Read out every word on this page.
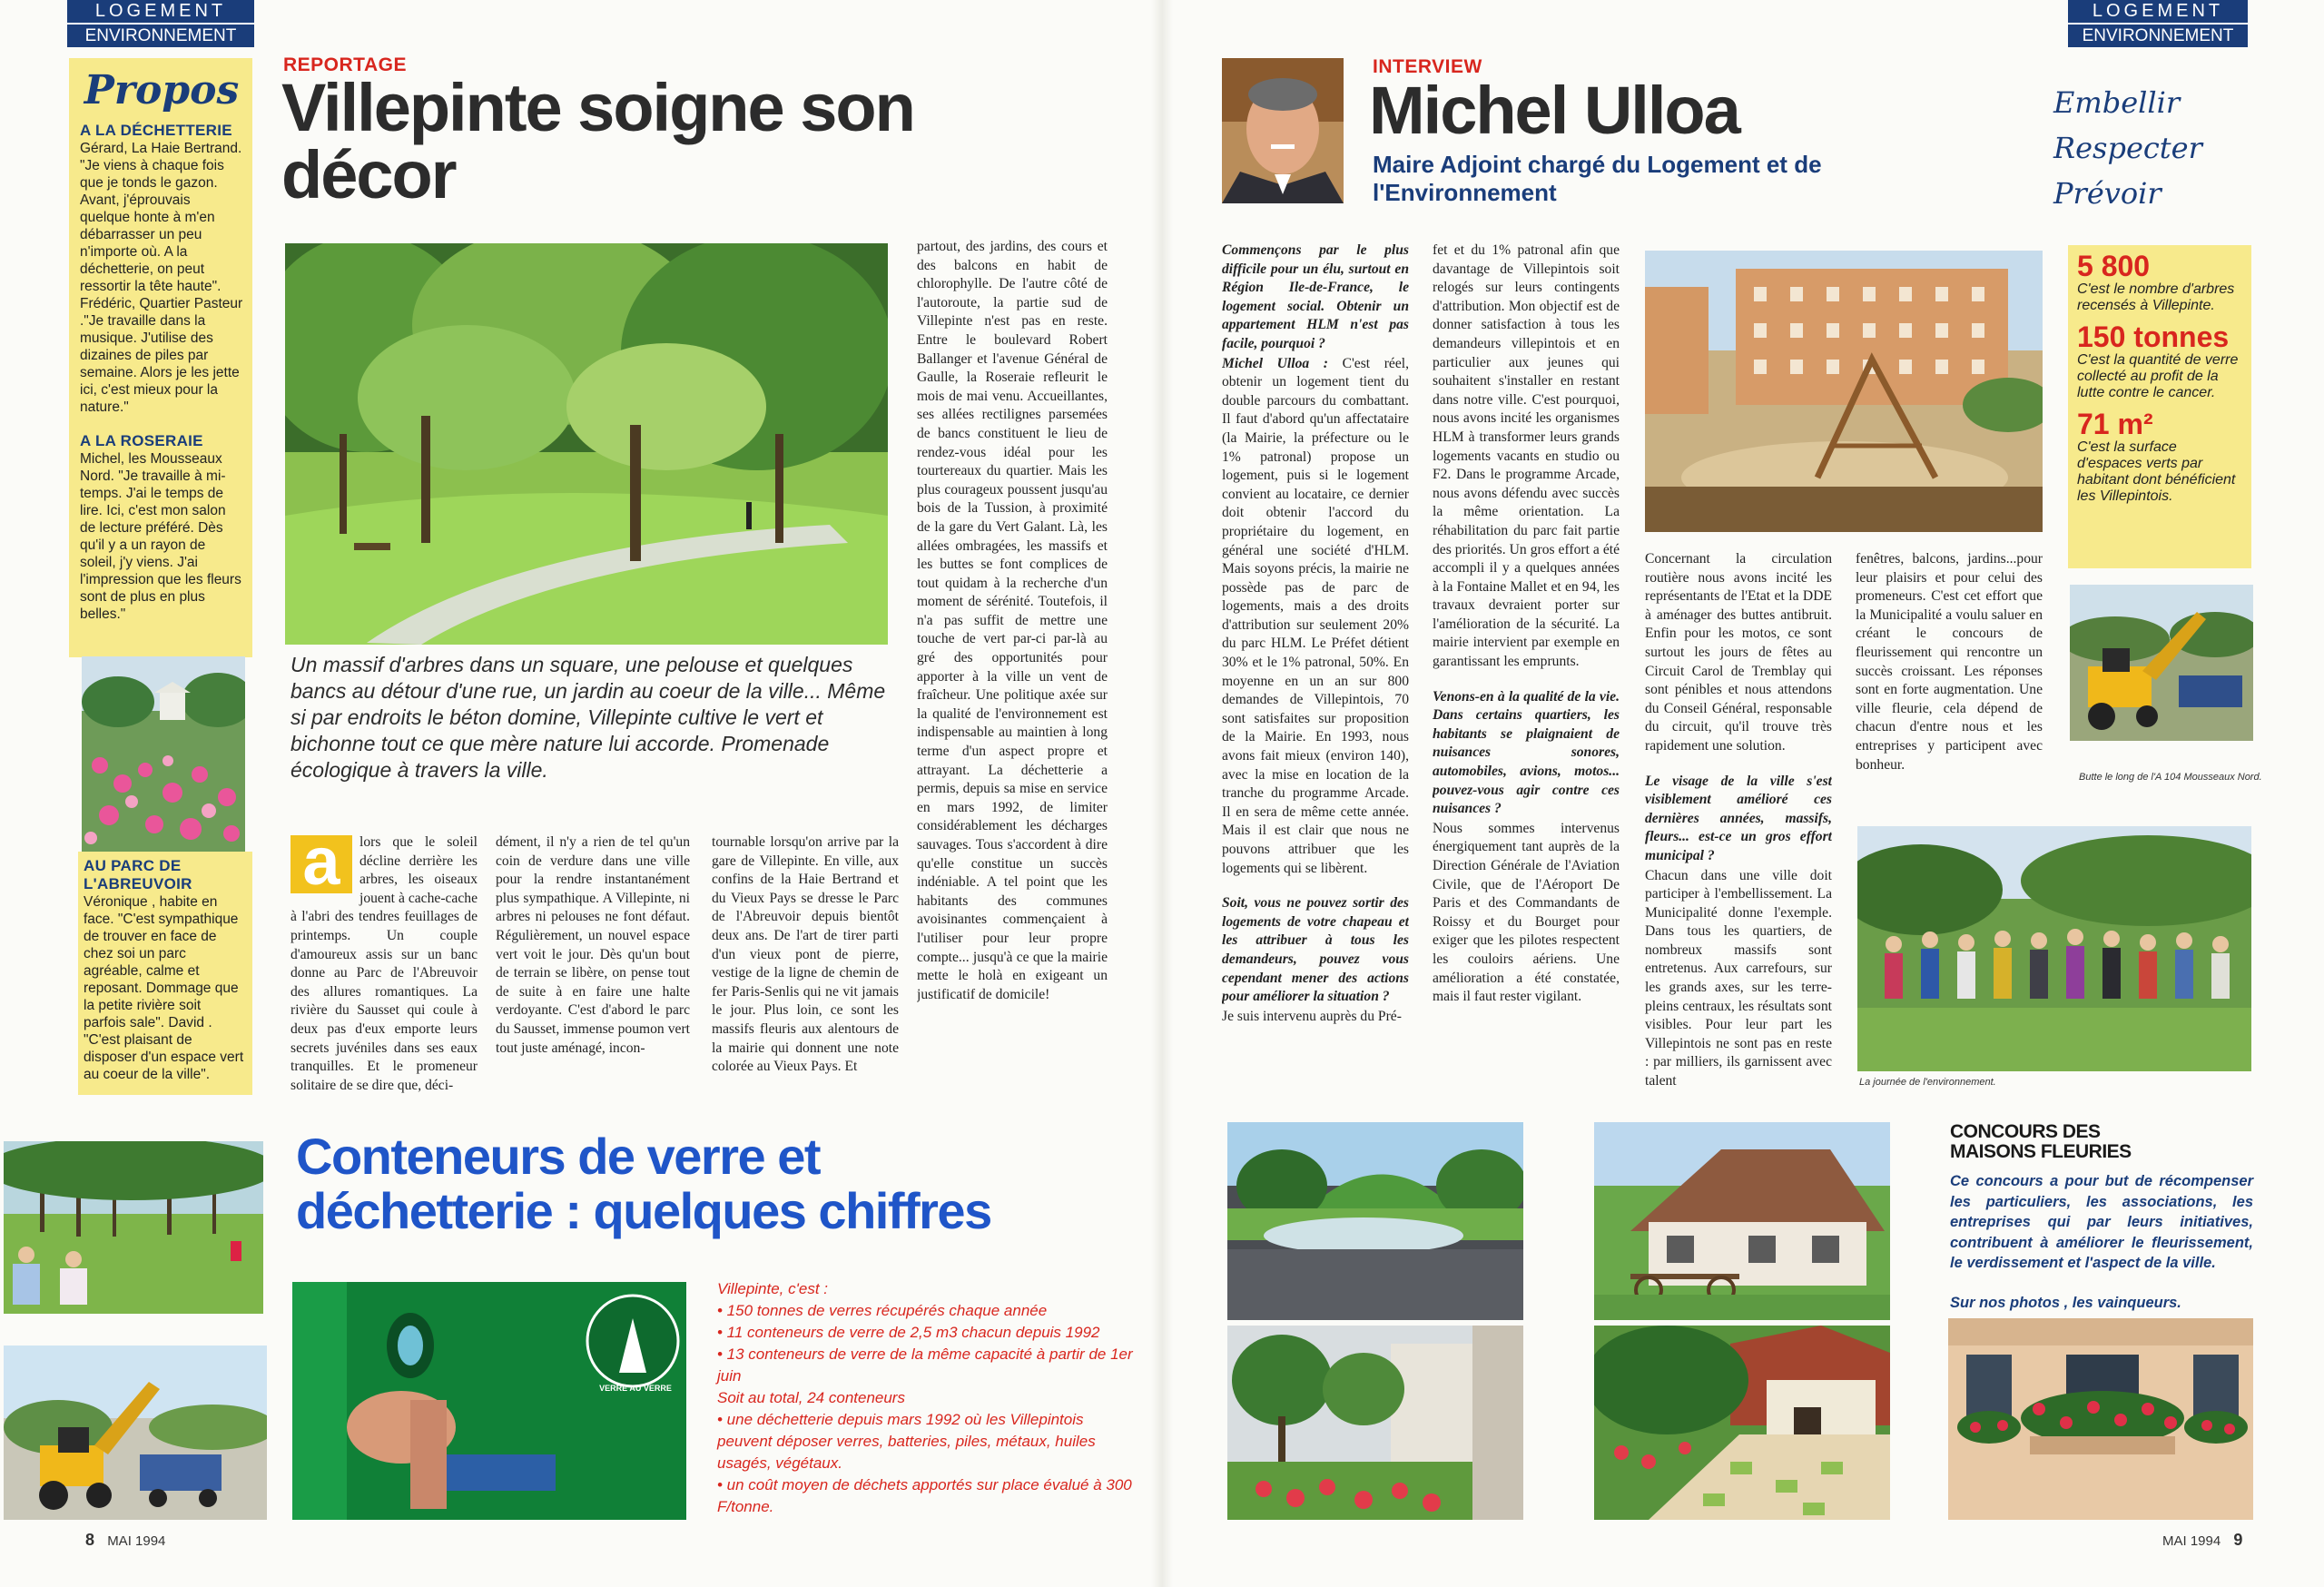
LOGEMENT
ENVIRONNEMENT
Propos
A LA DÉCHETTERIE

Gérard, La Haie Bertrand. "Je viens à chaque fois que je tonds le gazon. Avant, j'éprouvais quelque honte à m'en débarrasser un peu n'importe où. A la déchetterie, on peut ressortir la tête haute". Frédéric, Quartier Pasteur ."Je travaille dans la musique. J'utilise des dizaines de piles par semaine. Alors je les jette ici, c'est mieux pour la nature."

A LA ROSERAIE

Michel, les Mousseaux Nord. "Je travaille à mi-temps. J'ai le temps de lire. Ici, c'est mon salon de lecture préféré. Dès qu'il y a un rayon de soleil, j'y viens. J'ai l'impression que les fleurs sont de plus en plus belles."

AU PARC DE L'ABREUVOIR

Véronique , habite en face. "C'est sympathique de trouver en face de chez soi un parc agréable, calme et reposant. Dommage que la petite rivière soit parfois sale". David . "C'est plaisant de disposer d'un espace vert au coeur de la ville".

REPORTAGE
Villepinte soigne son décor
Un massif d'arbres dans un square, une pelouse et quelques bancs au détour d'une rue, un jardin au coeur de la ville... Même si par endroits le béton domine, Villepinte cultive le vert et bichonne tout ce que mère nature lui accorde. Promenade écologique à travers la ville.
a	lors que le soleil décline derrière les arbres, les oiseaux jouent à cache-cache à l'abri des tendres feuillages de printemps. Un couple d'amoureux assis sur un banc donne au Parc de l'Abreuvoir des allures romantiques. La rivière du Sausset qui coule à deux pas d'eux emporte leurs secrets juvéniles dans ses eaux tranquilles. Et le promeneur solitaire de se dire que, déci-
dément, il n'y a rien de tel qu'un coin de verdure dans une ville pour la rendre instantanément plus sympathique. A Villepinte, ni arbres ni pelouses ne font défaut. Régulièrement, un nouvel espace vert voit le jour. Dès qu'un bout de terrain se libère, on pense tout de suite à en faire une halte verdoyante. C'est d'abord le parc du Sausset, immense poumon vert tout juste aménagé, incon-
tournable lorsqu'on arrive par la gare de Villepinte. En ville, aux confins de la Haie Bertrand et du Vieux Pays se dresse le Parc de l'Abreuvoir depuis bientôt deux ans. De l'art de tirer parti d'un vieux pont de pierre, vestige de la ligne de chemin de fer Paris-Senlis qui ne vit jamais le jour. Plus loin, ce sont les massifs fleuris aux alentours de la mairie qui donnent une note colorée au Vieux Pays. Et
partout, des jardins, des cours et des balcons en habit de chlorophylle. De l'autre côté de l'autoroute, la partie sud de Villepinte n'est pas en reste. Entre le boulevard Robert Ballanger et l'avenue Général de Gaulle, la Roseraie refleurit le mois de mai venu. Accueillantes, ses allées rectilignes parsemées de bancs constituent le lieu de rendez-vous idéal pour les tourtereaux du quartier. Mais les plus courageux poussent jusqu'au bois de la Tussion, à proximité de la gare du Vert Galant. Là, les allées ombragées, les massifs et les buttes se font complices de tout quidam à la recherche d'un moment de sérénité. Toutefois, il n'a pas suffit de mettre une touche de vert par-ci par-là au gré des opportunités pour apporter à la ville un vent de fraîcheur. Une politique axée sur la qualité de l'environnement est indispensable au maintien à long terme d'un aspect propre et attrayant. La déchetterie a permis, depuis sa mise en service en mars 1992, de limiter considérablement les décharges sauvages. Tous s'accordent à dire qu'elle constitue un succès indéniable. A tel point que les habitants des communes avoisinantes commençaient à l'utiliser pour leur propre compte... jusqu'à ce que la mairie mette le holà en exigeant un justificatif de domicile!
Conteneurs de verre et
déchetterie : quelques chiffres
VERRE AU VERRE
Villepinte, c'est :
• 150 tonnes de verres récupérés chaque année
• 11 conteneurs de verre de 2,5 m3 chacun depuis 1992
• 13 conteneurs de verre de la même capacité à partir de 1er juin
Soit au total, 24 conteneurs
• une déchetterie depuis mars 1992 où les Villepintois peuvent déposer verres, batteries, piles, métaux, huiles usagés, végétaux.
• un coût moyen de déchets apportés sur place évalué à 300 F/tonne.
8 MAI 1994
LOGEMENT
ENVIRONNEMENT
INTERVIEW
Michel Ulloa
Maire Adjoint chargé du Logement et de l'Environnement
Embellir
Respecter
Prévoir

Commençons par le plus difficile pour un élu, surtout en Région Ile-de-France, le logement social. Obtenir un appartement HLM n'est pas facile, pourquoi ?

Michel Ulloa : C'est réel, obtenir un logement tient du double parcours du combattant. Il faut d'abord qu'un affectataire (la Mairie, la préfecture ou le 1% patronal) propose un logement, puis si le logement convient au locataire, ce dernier doit obtenir l'accord du propriétaire du logement, en général une société d'HLM. Mais soyons précis, la mairie ne possède pas de parc de logements, mais a des droits d'attribution sur seulement 20% du parc HLM. Le Préfet détient 30% et le 1% patronal, 50%. En moyenne en un an sur 800 demandes de Villepintois, 70 sont satisfaites sur proposition de la Mairie. En 1993, nous avons fait mieux (environ 140), avec la mise en location de la tranche du programme Arcade. Il en sera de même cette année. Mais il est clair que nous ne pouvons attribuer que les logements qui se libèrent.

Soit, vous ne pouvez sortir des logements de votre chapeau et les attribuer à tous les demandeurs, pouvez vous cependant mener des actions pour améliorer la situation ?

Je suis intervenu auprès du Pré-

fet et du 1% patronal afin que davantage de Villepintois soit relogés sur leurs contingents d'attribution. Mon objectif est de donner satisfaction à tous les demandeurs villepintois et en particulier aux jeunes qui souhaitent s'installer en restant dans notre ville. C'est pourquoi, nous avons incité les organismes HLM à transformer leurs grands logements vacants en studio ou F2. Dans le programme Arcade, nous avons défendu avec succès la même orientation. La réhabilitation du parc fait partie des priorités. Un gros effort a été accompli il y a quelques années à la Fontaine Mallet et en 94, les travaux devraient porter sur l'amélioration de la sécurité. La mairie intervient par exemple en garantissant les emprunts.

Venons-en à la qualité de la vie. Dans certains quartiers, les habitants se plaignaient de nuisances sonores, automobiles, avions, motos... pouvez-vous agir contre ces nuisances ?

Nous sommes intervenus énergiquement tant auprès de la Direction Générale de l'Aviation Civile, que de l'Aéroport De Paris et des Commandants de Roissy et du Bourget pour exiger que les pilotes respectent les couloirs aériens. Une amélioration a été constatée, mais il faut rester vigilant.

Concernant la circulation routière nous avons incité les représentants de l'Etat et la DDE à aménager des buttes antibruit. Enfin pour les motos, ce sont surtout les jours de fêtes au Circuit Carol de Tremblay qui sont pénibles et nous attendons du Conseil Général, responsable du circuit, qu'il trouve très rapidement une solution.

Le visage de la ville s'est visiblement amélioré ces dernières années, massifs, fleurs... est-ce un gros effort municipal ?

Chacun dans une ville doit participer à l'embellissement. La Municipalité donne l'exemple. Dans tous les quartiers, de nombreux massifs sont entretenus. Aux carrefours, sur les grands axes, sur les terre-pleins centraux, les résultats sont visibles. Pour leur part les Villepintois ne sont pas en reste : par milliers, ils garnissent avec talent

fenêtres, balcons, jardins...pour leur plaisirs et pour celui des promeneurs. C'est cet effort que la Municipalité a voulu saluer en créant le concours de fleurissement qui rencontre un succès croissant. Les réponses sont en forte augmentation. Une ville fleurie, cela dépend de chacun d'entre nous et les entreprises y participent avec bonheur.
5 800
C'est le nombre d'arbres recensés à Villepinte.
150 tonnes
C'est la quantité de verre collecté au profit de la lutte contre le cancer.
71 m²
C'est la surface d'espaces verts par habitant dont bénéficient les Villepintois.
Butte le long de l'A 104 Mousseaux Nord.
La journée de l'environnement.
CONCOURS DES MAISONS FLEURIES
Ce concours a pour but de récompenser les particuliers, les associations, les entreprises qui par leurs initiatives, contribuent à améliorer le fleurissement, le verdissement et l'aspect de la ville.
Sur nos photos , les vainqueurs.
MAI 1994 9
